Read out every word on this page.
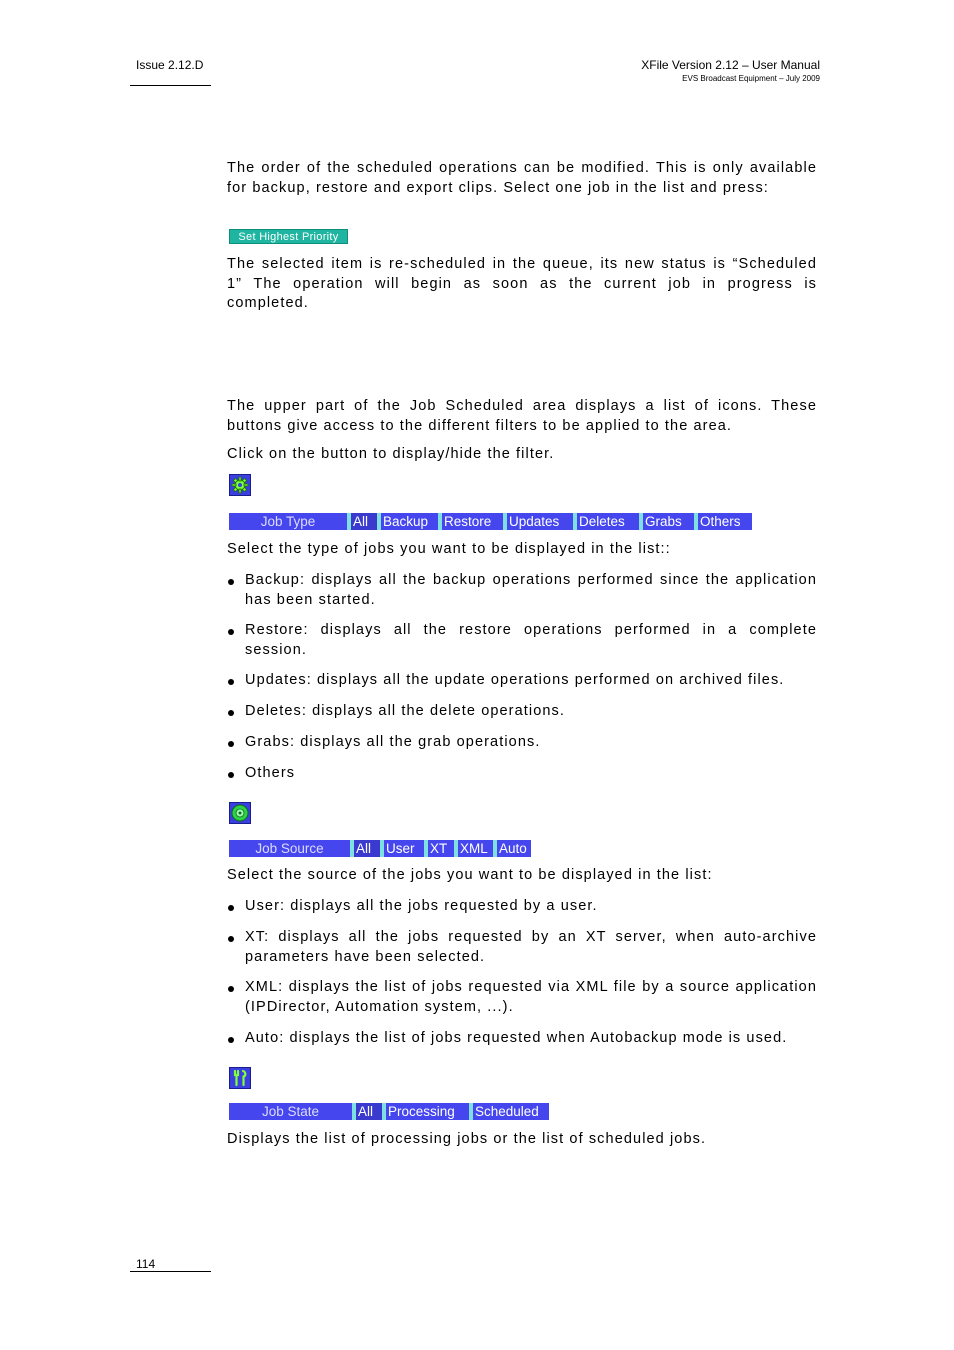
Issue 2.12.D	XFile Version 2.12 – User Manual
EVS Broadcast Equipment – July 2009
The order of the scheduled operations can be modified. This is only available for backup, restore and export clips. Select one job in the list and press:
Set Highest Priority
The selected item is re-scheduled in the queue, its new status is “Scheduled 1” The operation will begin as soon as the current job in progress is completed.
The upper part of the Job Scheduled area displays a list of icons. These buttons give access to the different filters to be applied to the area.
Click on the button to display/hide the filter.
Job Type	All	Backup	Restore	Updates	Deletes	Grabs	Others
Select the type of jobs you want to be displayed in the list::
Backup: displays all the backup operations performed since the application has been started.
Restore: displays all the restore operations performed in a complete session.
Updates: displays all the update operations performed on archived files.
Deletes: displays all the delete operations.
Grabs: displays all the grab operations.
Others
Job Source	All	User	XT XML Auto
Select the source of the jobs you want to be displayed in the list:
User: displays all the jobs requested by a user.
XT: displays all the jobs requested by an XT server, when auto-archive parameters have been selected.
XML: displays the list of jobs requested via XML file by a source application (IPDirector, Automation system, ...).
Auto: displays the list of jobs requested when Autobackup mode is used.
Job State	All	Processing	Scheduled
Displays the list of processing jobs or the list of scheduled jobs.
114
